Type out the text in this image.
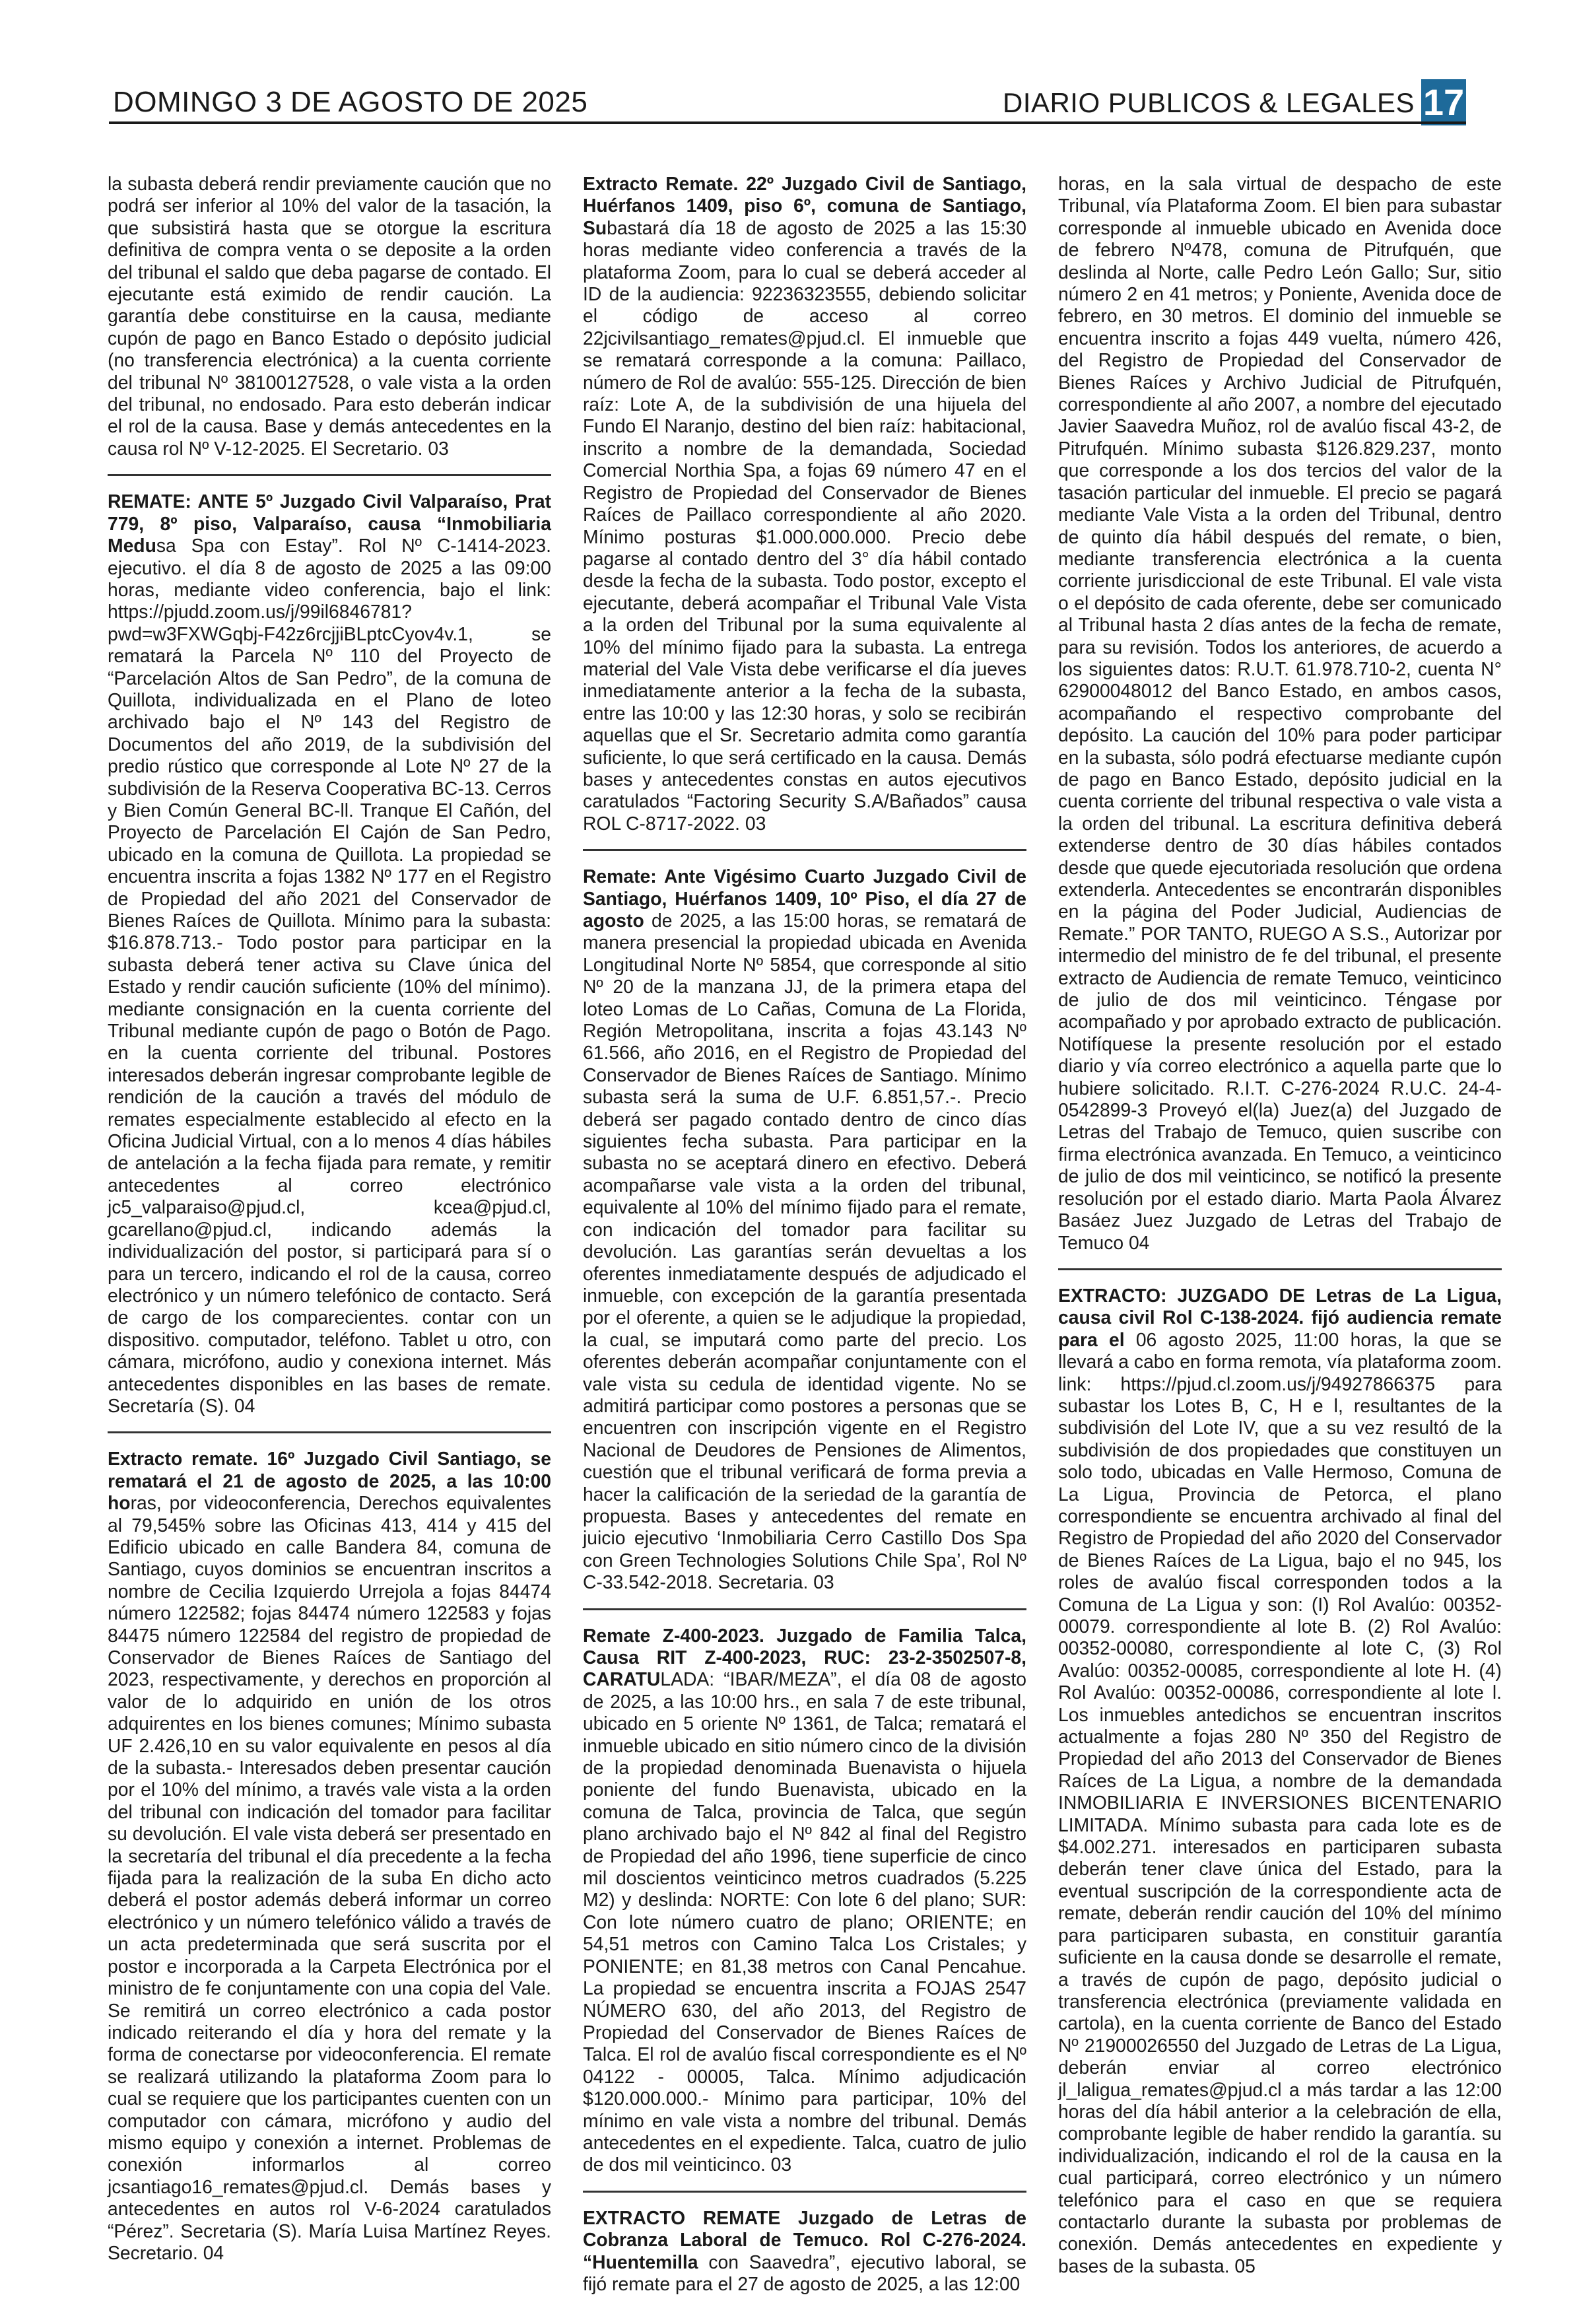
DOMINGO 3 DE AGOSTO DE 2025	DIARIO PUBLICOS & LEGALES 17

la subasta deberá rendir previamente caución que no podrá ser inferior al 10% del valor de la tasación, la que subsistirá hasta que se otorgue la escritura definitiva de compra venta o se deposite a la orden del tribunal el saldo que deba pagarse de contado. El ejecutante está eximido de rendir caución. La garantía debe constituirse en la causa, mediante cupón de pago en Banco Estado o depósito judicial (no transferencia electrónica) a la cuenta corriente del tribunal Nº 38100127528, o vale vista a la orden del tribunal, no endosado. Para esto deberán indicar el rol de la causa. Base y demás antecedentes en la causa rol Nº V-12-2025. El Secretario. 03

REMATE: ANTE 5º Juzgado Civil Valparaíso, Prat 779, 8º piso, Valparaíso, causa “Inmobiliaria Medusa Spa con Estay”. Rol Nº C-1414-2023. ejecutivo. el día 8 de agosto de 2025 a las 09:00 horas, mediante video conferencia, bajo el link: https://pjudd.zoom.us/j/99il6846781?pwd=w3FXWGqbj-F42z6rcjjiBLptcCyov4v.1, se rematará la Parcela Nº 110 del Proyecto de “Parcelación Altos de San Pedro”, de la comuna de Quillota, individualizada en el Plano de loteo archivado bajo el Nº 143 del Registro de Documentos del año 2019, de la subdivisión del predio rústico que corresponde al Lote Nº 27 de la subdivisión de la Reserva Cooperativa BC-13. Cerros y Bien Común General BC-ll. Tranque El Cañón, del Proyecto de Parcelación El Cajón de San Pedro, ubicado en la comuna de Quillota. La propiedad se encuentra inscrita a fojas 1382 Nº 177 en el Registro de Propiedad del año 2021 del Conservador de Bienes Raíces de Quillota. Mínimo para la subasta: $16.878.713.- Todo postor para participar en la subasta deberá tener activa su Clave única del Estado y rendir caución suficiente (10% del mínimo). mediante consignación en la cuenta corriente del Tribunal mediante cupón de pago o Botón de Pago. en la cuenta corriente del tribunal. Postores interesados deberán ingresar comprobante legible de rendición de la caución a través del módulo de remates especialmente establecido al efecto en la Oficina Judicial Virtual, con a lo menos 4 días hábiles de antelación a la fecha fijada para remate, y remitir antecedentes al correo electrónico jc5_valparaiso@pjud.cl, kcea@pjud.cl, gcarellano@pjud.cl, indicando además la individualización del postor, si participará para sí o para un tercero, indicando el rol de la causa, correo electrónico y un número telefónico de contacto. Será de cargo de los comparecientes. contar con un dispositivo. computador, teléfono. Tablet u otro, con cámara, micrófono, audio y conexiona internet. Más antecedentes disponibles en las bases de remate. Secretaría (S). 04

Extracto remate. 16º Juzgado Civil Santiago, se rematará el 21 de agosto de 2025, a las 10:00 horas, por videoconferencia, Derechos equivalentes al 79,545% sobre las Oficinas 413, 414 y 415 del Edificio ubicado en calle Bandera 84, comuna de Santiago, cuyos dominios se encuentran inscritos a nombre de Cecilia Izquierdo Urrejola a fojas 84474 número 122582; fojas 84474 número 122583 y fojas 84475 número 122584 del registro de propiedad de Conservador de Bienes Raíces de Santiago del 2023, respectivamente, y derechos en proporción al valor de lo adquirido en unión de los otros adquirentes en los bienes comunes; Mínimo subasta UF 2.426,10 en su valor equivalente en pesos al día de la subasta.- Interesados deben presentar caución por el 10% del mínimo, a través vale vista a la orden del tribunal con indicación del tomador para facilitar su devolución. El vale vista deberá ser presentado en la secretaría del tribunal el día precedente a la fecha fijada para la realización de la suba En dicho acto deberá el postor además deberá informar un correo electrónico y un número telefónico válido a través de un acta predeterminada que será suscrita por el postor e incorporada a la Carpeta Electrónica por el ministro de fe conjuntamente con una copia del Vale. Se remitirá un correo electrónico a cada postor indicado reiterando el día y hora del remate y la forma de conectarse por videoconferencia. El remate se realizará utilizando la plataforma Zoom para lo cual se requiere que los participantes cuenten con un computador con cámara, micrófono y audio del mismo equipo y conexión a internet. Problemas de conexión informarlos al correo jcsantiago16_remates@pjud.cl. Demás bases y antecedentes en autos rol V-6-2024 caratulados “Pérez”. Secretaria (S). María Luisa Martínez Reyes. Secretario. 04

Extracto Remate. 22º Juzgado Civil de Santiago, Huérfanos 1409, piso 6º, comuna de Santiago, Subastará día 18 de agosto de 2025 a las 15:30 horas mediante video conferencia a través de la plataforma Zoom, para lo cual se deberá acceder al ID de la audiencia: 92236323555, debiendo solicitar el código de acceso al correo 22jcivilsantiago_remates@pjud.cl. El inmueble que se rematará corresponde a la comuna: Paillaco, número de Rol de avalúo: 555-125. Dirección de bien raíz: Lote A, de la subdivisión de una hijuela del Fundo El Naranjo, destino del bien raíz: habitacional, inscrito a nombre de la demandada, Sociedad Comercial Northia Spa, a fojas 69 número 47 en el Registro de Propiedad del Conservador de Bienes Raíces de Paillaco correspondiente al año 2020. Mínimo posturas $1.000.000.000. Precio debe pagarse al contado dentro del 3° día hábil contado desde la fecha de la subasta. Todo postor, excepto el ejecutante, deberá acompañar el Tribunal Vale Vista a la orden del Tribunal por la suma equivalente al 10% del mínimo fijado para la subasta. La entrega material del Vale Vista debe verificarse el día jueves inmediatamente anterior a la fecha de la subasta, entre las 10:00 y las 12:30 horas, y solo se recibirán aquellas que el Sr. Secretario admita como garantía suficiente, lo que será certificado en la causa. Demás bases y antecedentes constas en autos ejecutivos caratulados “Factoring Security S.A/Bañados” causa ROL C-8717-2022. 03

Remate: Ante Vigésimo Cuarto Juzgado Civil de Santiago, Huérfanos 1409, 10º Piso, el día 27 de agosto de 2025, a las 15:00 horas, se rematará de manera presencial la propiedad ubicada en Avenida Longitudinal Norte Nº 5854, que corresponde al sitio Nº 20 de la manzana JJ, de la primera etapa del loteo Lomas de Lo Cañas, Comuna de La Florida, Región Metropolitana, inscrita a fojas 43.143 Nº 61.566, año 2016, en el Registro de Propiedad del Conservador de Bienes Raíces de Santiago. Mínimo subasta será la suma de U.F. 6.851,57.-. Precio deberá ser pagado contado dentro de cinco días siguientes fecha subasta. Para participar en la subasta no se aceptará dinero en efectivo. Deberá acompañarse vale vista a la orden del tribunal, equivalente al 10% del mínimo fijado para el remate, con indicación del tomador para facilitar su devolución. Las garantías serán devueltas a los oferentes inmediatamente después de adjudicado el inmueble, con excepción de la garantía presentada por el oferente, a quien se le adjudique la propiedad, la cual, se imputará como parte del precio. Los oferentes deberán acompañar conjuntamente con el vale vista su cedula de identidad vigente. No se admitirá participar como postores a personas que se encuentren con inscripción vigente en el Registro Nacional de Deudores de Pensiones de Alimentos, cuestión que el tribunal verificará de forma previa a hacer la calificación de la seriedad de la garantía de propuesta. Bases y antecedentes del remate en juicio ejecutivo ‘Inmobiliaria Cerro Castillo Dos Spa con Green Technologies Solutions Chile Spa’, Rol Nº C-33.542-2018. Secretaria. 03

Remate Z-400-2023. Juzgado de Familia Talca, Causa RIT Z-400-2023, RUC: 23-2-3502507-8, CARATULADA: “IBAR/MEZA”, el día 08 de agosto de 2025, a las 10:00 hrs., en sala 7 de este tribunal, ubicado en 5 oriente Nº 1361, de Talca; rematará el inmueble ubicado en sitio número cinco de la división de la propiedad denominada Buenavista o hijuela poniente del fundo Buenavista, ubicado en la comuna de Talca, provincia de Talca, que según plano archivado bajo el Nº 842 al final del Registro de Propiedad del año 1996, tiene superficie de cinco mil doscientos veinticinco metros cuadrados (5.225 M2) y deslinda: NORTE: Con lote 6 del plano; SUR: Con lote número cuatro de plano; ORIENTE; en 54,51 metros con Camino Talca Los Cristales; y PONIENTE; en 81,38 metros con Canal Pencahue. La propiedad se encuentra inscrita a FOJAS 2547 NÚMERO 630, del año 2013, del Registro de Propiedad del Conservador de Bienes Raíces de Talca. El rol de avalúo fiscal correspondiente es el Nº 04122 - 00005, Talca. Mínimo adjudicación $120.000.000.- Mínimo para participar, 10% del mínimo en vale vista a nombre del tribunal. Demás antecedentes en el expediente. Talca, cuatro de julio de dos mil veinticinco. 03

EXTRACTO REMATE Juzgado de Letras de Cobranza Laboral de Temuco. Rol C-276-2024. “Huentemilla con Saavedra”, ejecutivo laboral, se fijó remate para el 27 de agosto de 2025, a las 12:00

horas, en la sala virtual de despacho de este Tribunal, vía Plataforma Zoom. El bien para subastar corresponde al inmueble ubicado en Avenida doce de febrero Nº478, comuna de Pitrufquén, que deslinda al Norte, calle Pedro León Gallo; Sur, sitio número 2 en 41 metros; y Poniente, Avenida doce de febrero, en 30 metros. El dominio del inmueble se encuentra inscrito a fojas 449 vuelta, número 426, del Registro de Propiedad del Conservador de Bienes Raíces y Archivo Judicial de Pitrufquén, correspondiente al año 2007, a nombre del ejecutado Javier Saavedra Muñoz, rol de avalúo fiscal 43-2, de Pitrufquén. Mínimo subasta $126.829.237, monto que corresponde a los dos tercios del valor de la tasación particular del inmueble. El precio se pagará mediante Vale Vista a la orden del Tribunal, dentro de quinto día hábil después del remate, o bien, mediante transferencia electrónica a la cuenta corriente jurisdiccional de este Tribunal. El vale vista o el depósito de cada oferente, debe ser comunicado al Tribunal hasta 2 días antes de la fecha de remate, para su revisión. Todos los anteriores, de acuerdo a los siguientes datos: R.U.T. 61.978.710-2, cuenta N° 62900048012 del Banco Estado, en ambos casos, acompañando el respectivo comprobante del depósito. La caución del 10% para poder participar en la subasta, sólo podrá efectuarse mediante cupón de pago en Banco Estado, depósito judicial en la cuenta corriente del tribunal respectiva o vale vista a la orden del tribunal. La escritura definitiva deberá extenderse dentro de 30 días hábiles contados desde que quede ejecutoriada resolución que ordena extenderla. Antecedentes se encontrarán disponibles en la página del Poder Judicial, Audiencias de Remate.” POR TANTO, RUEGO A S.S., Autorizar por intermedio del ministro de fe del tribunal, el presente extracto de Audiencia de remate Temuco, veinticinco de julio de dos mil veinticinco. Téngase por acompañado y por aprobado extracto de publicación. Notifíquese la presente resolución por el estado diario y vía correo electrónico a aquella parte que lo hubiere solicitado. R.I.T. C-276-2024 R.U.C. 24-4-0542899-3 Proveyó el(la) Juez(a) del Juzgado de Letras del Trabajo de Temuco, quien suscribe con firma electrónica avanzada. En Temuco, a veinticinco de julio de dos mil veinticinco, se notificó la presente resolución por el estado diario. Marta Paola Álvarez Basáez Juez Juzgado de Letras del Trabajo de Temuco 04

EXTRACTO: JUZGADO DE Letras de La Ligua, causa civil Rol C-138-2024. fijó audiencia remate para el 06 agosto 2025, 11:00 horas, la que se llevará a cabo en forma remota, vía plataforma zoom. link: https://pjud.cl.zoom.us/j/94927866375 para subastar los Lotes B, C, H e l, resultantes de la subdivisión del Lote IV, que a su vez resultó de la subdivisión de dos propiedades que constituyen un solo todo, ubicadas en Valle Hermoso, Comuna de La Ligua, Provincia de Petorca, el plano correspondiente se encuentra archivado al final del Registro de Propiedad del año 2020 del Conservador de Bienes Raíces de La Ligua, bajo el no 945, los roles de avalúo fiscal corresponden todos a la Comuna de La Ligua y son: (I) Rol Avalúo: 00352-00079. correspondiente al lote B. (2) Rol Avalúo: 00352-00080, correspondiente al lote C, (3) Rol Avalúo: 00352-00085, correspondiente al lote H. (4) Rol Avalúo: 00352-00086, correspondiente al lote l. Los inmuebles antedichos se encuentran inscritos actualmente a fojas 280 Nº 350 del Registro de Propiedad del año 2013 del Conservador de Bienes Raíces de La Ligua, a nombre de la demandada INMOBILIARIA E INVERSIONES BICENTENARIO LIMITADA. Mínimo subasta para cada lote es de $4.002.271. interesados en participaren subasta deberán tener clave única del Estado, para la eventual suscripción de la correspondiente acta de remate, deberán rendir caución del 10% del mínimo para participaren subasta, en constituir garantía suficiente en la causa donde se desarrolle el remate, a través de cupón de pago, depósito judicial o transferencia electrónica (previamente validada en cartola), en la cuenta corriente de Banco del Estado Nº 21900026550 del Juzgado de Letras de La Ligua, deberán enviar al correo electrónico jl_laligua_remates@pjud.cl a más tardar a las 12:00 horas del día hábil anterior a la celebración de ella, comprobante legible de haber rendido la garantía. su individualización, indicando el rol de la causa en la cual participará, correo electrónico y un número telefónico para el caso en que se requiera contactarlo durante la subasta por problemas de conexión. Demás antecedentes en expediente y bases de la subasta. 05
